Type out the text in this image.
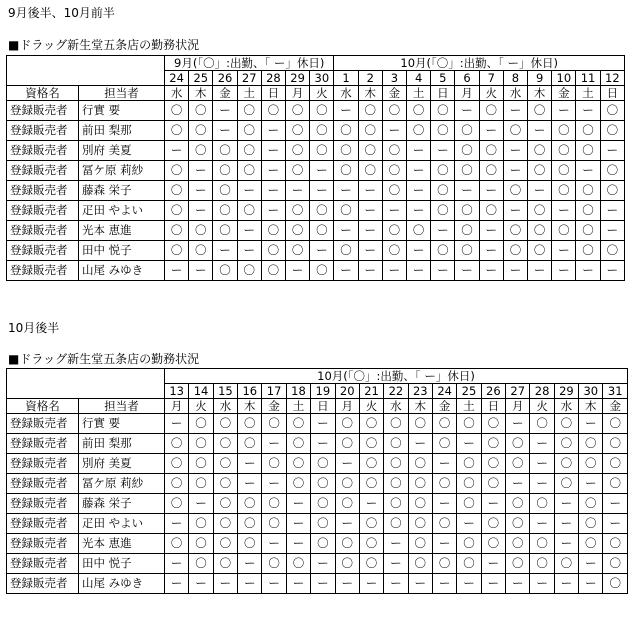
9月後半、10月前半
■ドラッグ新生堂五条店の勤務状況
		9月(「〇」:出勤、「 ー」休日)							10月(「〇」:出勤、「 ー」休日)											
		24	25	26	27	28	29	30	1	2	3	4	5	6	7	8	9	10	11	12
資格名	担当者	水	木	金	土	日	月	火	水	木	金	土	日	月	火	水	木	金	土	日
登録販売者	行實 要	〇	〇	ー	〇	〇	〇	〇	ー	〇	〇	〇	〇	ー	〇	ー	〇	ー	ー	〇
登録販売者	前田 梨那	〇	〇	ー	〇	ー	〇	〇	〇	〇	ー	〇	〇	〇	ー	〇	ー	〇	〇	〇
登録販売者	別府 美夏	ー	〇	〇	〇	ー	〇	〇	〇	〇	〇	ー	ー	〇	〇	ー	〇	〇	〇	ー
登録販売者	冨ケ原 莉紗	〇	ー	〇	〇	ー	〇	ー	〇	〇	〇	ー	〇	〇	〇	ー	〇	〇	ー	〇
登録販売者	藤森 栄子	〇	ー	〇	ー	ー	ー	ー	ー	ー	〇	ー	〇	ー	ー	〇	ー	〇	〇	〇
登録販売者	疋田 やよい	〇	ー	〇	〇	ー	〇	〇	〇	ー	ー	ー	〇	〇	〇	ー	〇	ー	〇	ー
登録販売者	光本 恵進	〇	〇	〇	ー	〇	〇	〇	ー	ー	〇	〇	ー	〇	ー	〇	〇	〇	〇	ー
登録販売者	田中 悦子	〇	〇	ー	ー	〇	〇	ー	〇	ー	〇	ー	〇	〇	ー	〇	〇	ー	〇	〇
登録販売者	山尾 みゆき	ー	ー	〇	〇	〇	ー	〇	ー	ー	ー	ー	ー	ー	ー	ー	ー	ー	ー	ー
10月後半
■ドラッグ新生堂五条店の勤務状況
		10月(「〇」:出勤、「 ー」休日)																		
		13	14	15	16	17	18	19	20	21	22	23	24	25	26	27	28	29	30	31
資格名	担当者	月	火	水	木	金	土	日	月	火	水	木	金	土	日	月	火	水	木	金
登録販売者	行實 要	ー	〇	〇	〇	〇	〇	ー	〇	〇	〇	〇	〇	〇	〇	ー	〇	〇	ー	〇
登録販売者	前田 梨那	〇	〇	〇	〇	ー	〇	ー	〇	〇	〇	ー	〇	ー	〇	〇	ー	〇	〇	〇
登録販売者	別府 美夏	〇	〇	〇	ー	〇	〇	〇	ー	〇	〇	〇	ー	〇	〇	〇	ー	〇	〇	〇
登録販売者	冨ケ原 莉紗	〇	〇	〇	ー	ー	〇	〇	〇	〇	〇	〇	〇	〇	〇	ー	ー	〇	ー	〇
登録販売者	藤森 栄子	〇	ー	〇	〇	〇	ー	〇	〇	ー	〇	〇	ー	〇	ー	〇	〇	ー	〇	ー
登録販売者	疋田 やよい	ー	〇	〇	〇	〇	ー	〇	ー	〇	〇	〇	〇	ー	〇	〇	ー	ー	〇	ー
登録販売者	光本 恵進	〇	〇	〇	〇	ー	ー	〇	〇	〇	ー	〇	ー	〇	〇	〇	〇	ー	〇	〇
登録販売者	田中 悦子	ー	〇	〇	ー	〇	〇	ー	〇	〇	ー	〇	〇	〇	ー	〇	〇	〇	ー	〇
登録販売者	山尾 みゆき	ー	ー	ー	ー	ー	ー	ー	ー	ー	ー	ー	ー	ー	ー	ー	ー	ー	ー	〇
